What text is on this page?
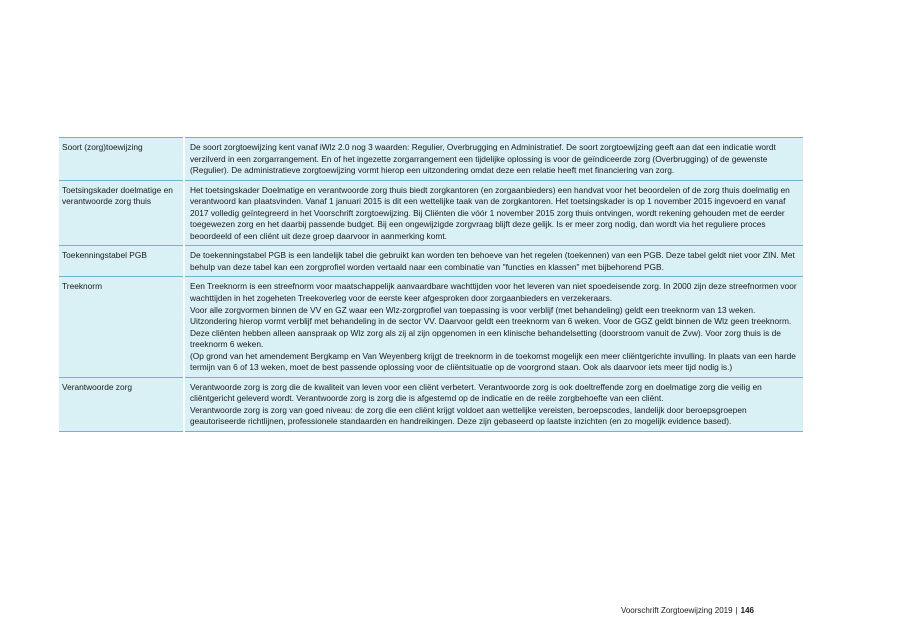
Soort (zorg)toewijzing	De soort zorgtoewijzing kent vanaf iWlz 2.0 nog 3 waarden: Regulier, Overbrugging en Administratief. De soort zorgtoewijzing geeft aan dat een indicatie wordt verzilverd in een zorgarrangement. En of het ingezette zorgarrangement een tijdelijke oplossing is voor de geïndiceerde zorg (Overbrugging) of de gewenste (Regulier). De administratieve zorgtoewijzing vormt hierop een uitzondering omdat deze een relatie heeft met financiering van zorg.

Toetsingskader doelmatige en verantwoorde zorg thuis	Het toetsingskader Doelmatige en verantwoorde zorg thuis biedt zorgkantoren (en zorgaanbieders) een handvat voor het beoordelen of de zorg thuis doelmatig en verantwoord kan plaatsvinden. Vanaf 1 januari 2015 is dit een wettelijke taak van de zorgkantoren. Het toetsingskader is op 1 november 2015 ingevoerd en vanaf 2017 volledig geïntegreerd in het Voorschrift zorgtoewijzing. Bij Cliënten die vóór 1 november 2015 zorg thuis ontvingen, wordt rekening gehouden met de eerder toegewezen zorg en het daarbij passende budget. Bij een ongewijzigde zorgvraag blijft deze gelijk. Is er meer zorg nodig, dan wordt via het reguliere proces beoordeeld of een cliënt uit deze groep daarvoor in aanmerking komt.

Toekenningstabel PGB	De toekenningstabel PGB is een landelijk tabel die gebruikt kan worden ten behoeve van het regelen (toekennen) van een PGB. Deze tabel geldt niet voor ZIN. Met behulp van deze tabel kan een zorgprofiel worden vertaald naar een combinatie van "functies en klassen" met bijbehorend PGB.

Treeknorm	Een Treeknorm is een streefnorm voor maatschappelijk aanvaardbare wachttijden voor het leveren van niet spoedeisende zorg. In 2000 zijn deze streefnormen voor wachttijden in het zogeheten Treekoverleg voor de eerste keer afgesproken door zorgaanbieders en verzekeraars.
Voor alle zorgvormen binnen de VV en GZ waar een Wlz-zorgprofiel van toepassing is voor verblijf (met behandeling) geldt een treeknorm van 13 weken. Uitzondering hierop vormt verblijf met behandeling in de sector VV. Daarvoor geldt een treeknorm van 6 weken. Voor de GGZ geldt binnen de Wlz geen treeknorm. Deze cliënten hebben alleen aanspraak op Wlz zorg als zij al zijn opgenomen in een klinische behandelsetting (doorstroom vanuit de Zvw). Voor zorg thuis is de treeknorm 6 weken.
(Op grond van het amendement Bergkamp en Van Weyenberg krijgt de treeknorm in de toekomst mogelijk een meer cliëntgerichte invulling. In plaats van een harde termijn van 6 of 13 weken, moet de best passende oplossing voor de cliëntsituatie op de voorgrond staan. Ook als daarvoor iets meer tijd nodig is.)

Verantwoorde zorg	Verantwoorde zorg is zorg die de kwaliteit van leven voor een cliënt verbetert. Verantwoorde zorg is ook doeltreffende zorg en doelmatige zorg die veilig en cliëntgericht geleverd wordt. Verantwoorde zorg is zorg die is afgestemd op de indicatie en de reële zorgbehoefte van een cliënt.
Verantwoorde zorg is zorg van goed niveau: de zorg die een cliënt krijgt voldoet aan wettelijke vereisten, beroepscodes, landelijk door beroepsgroepen geautoriseerde richtlijnen, professionele standaarden en handreikingen. Deze zijn gebaseerd op laatste inzichten (en zo mogelijk evidence based).
Voorschrift Zorgtoewijzing 2019 | 146
